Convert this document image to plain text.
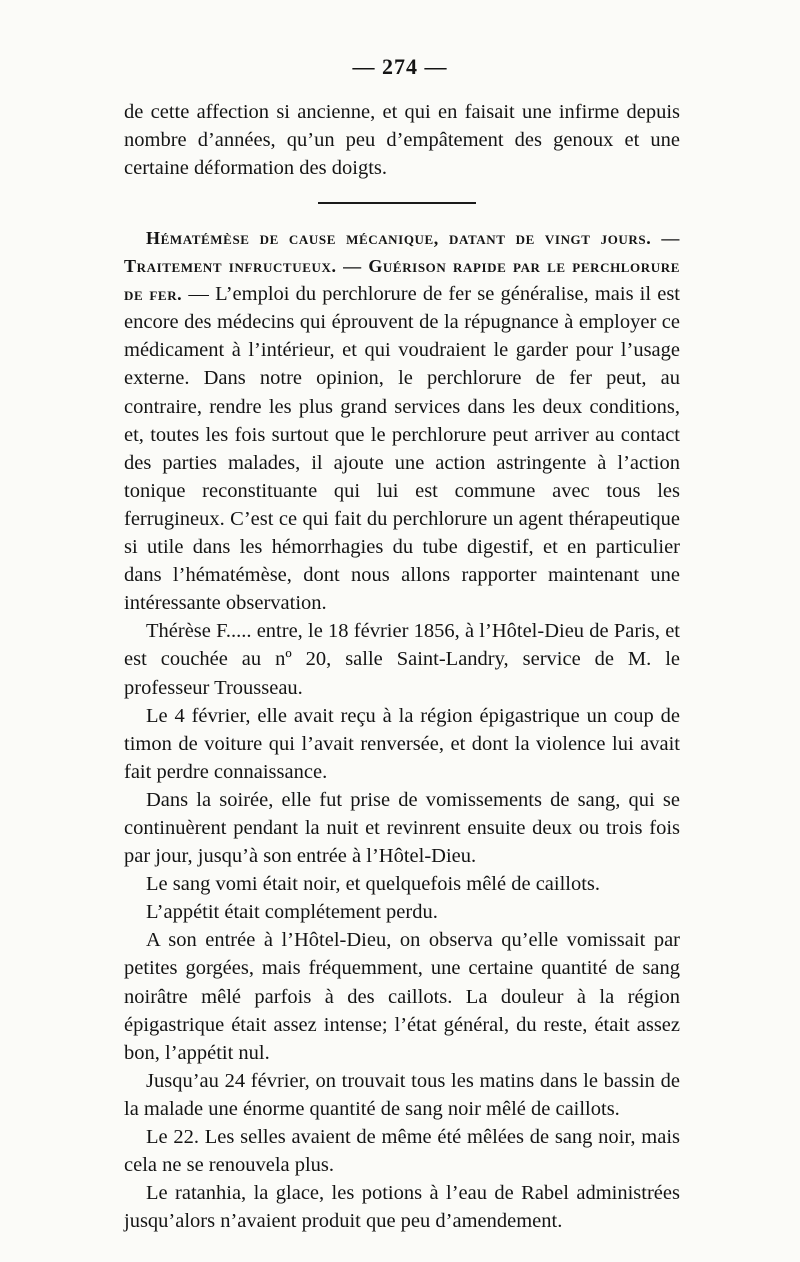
— 274 —

de cette affection si ancienne, et qui en faisait une infirme depuis nombre d’années, qu’un peu d’empâtement des genoux et une certaine déformation des doigts.

Hématémèse de cause mécanique, datant de vingt jours. — Traitement infructueux. — Guérison rapide par le perchlorure de fer. — L’emploi du perchlorure de fer se généralise, mais il est encore des médecins qui éprouvent de la répugnance à employer ce médicament à l’intérieur, et qui voudraient le garder pour l’usage externe. Dans notre opinion, le perchlorure de fer peut, au contraire, rendre les plus grand services dans les deux conditions, et, toutes les fois surtout que le perchlorure peut arriver au contact des parties malades, il ajoute une action astringente à l’action tonique reconstituante qui lui est commune avec tous les ferrugineux. C’est ce qui fait du perchlorure un agent thérapeutique si utile dans les hémorrhagies du tube digestif, et en particulier dans l’hématémèse, dont nous allons rapporter maintenant une intéressante observation.

Thérèse F..... entre, le 18 février 1856, à l’Hôtel-Dieu de Paris, et est couchée au nº 20, salle Saint-Landry, service de M. le professeur Trousseau.

Le 4 février, elle avait reçu à la région épigastrique un coup de timon de voiture qui l’avait renversée, et dont la violence lui avait fait perdre connaissance.

Dans la soirée, elle fut prise de vomissements de sang, qui se continuèrent pendant la nuit et revinrent ensuite deux ou trois fois par jour, jusqu’à son entrée à l’Hôtel-Dieu.

Le sang vomi était noir, et quelquefois mêlé de caillots.

L’appétit était complétement perdu.

A son entrée à l’Hôtel-Dieu, on observa qu’elle vomissait par petites gorgées, mais fréquemment, une certaine quantité de sang noirâtre mêlé parfois à des caillots. La douleur à la région épigastrique était assez intense; l’état général, du reste, était assez bon, l’appétit nul.

Jusqu’au 24 février, on trouvait tous les matins dans le bassin de la malade une énorme quantité de sang noir mêlé de caillots.

Le 22. Les selles avaient de même été mêlées de sang noir, mais cela ne se renouvela plus.

Le ratanhia, la glace, les potions à l’eau de Rabel administrées jusqu’alors n’avaient produit que peu d’amendement.
